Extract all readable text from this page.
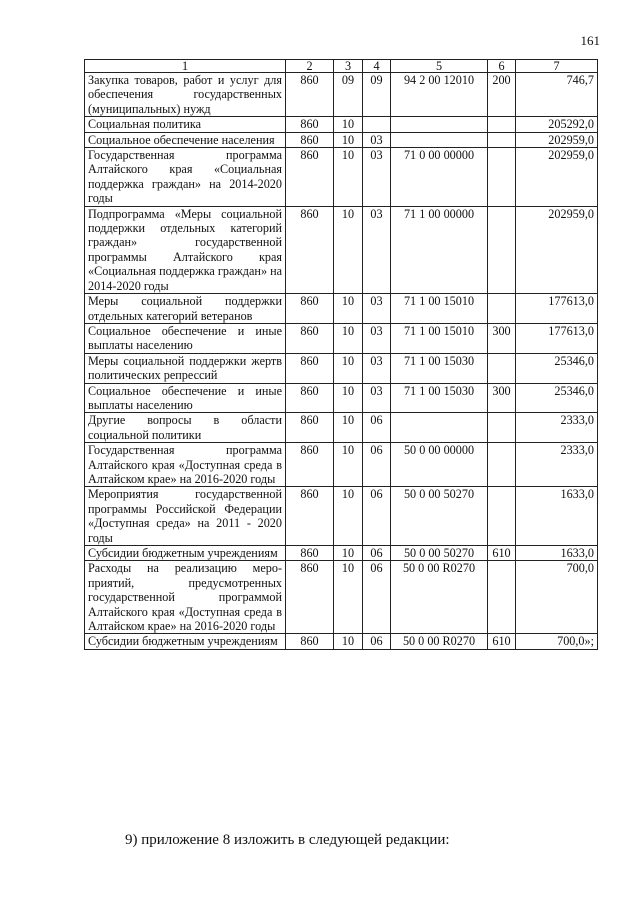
161
1	2	3	4	5	6	7
Закупка товаров, работ и услуг для обеспечения государственных (муниципальных) нужд	860	09	09	94 2 00 12010	200	746,7
Социальная политика	860	10				205292,0
Социальное обеспечение населения	860	10	03			202959,0
Государственная программа Алтайского края «Социальная поддержка граждан» на 2014-2020 годы	860	10	03	71 0 00 00000		202959,0
Подпрограмма «Меры социальной поддержки отдельных категорий граждан» государственной программы Алтайского края «Социальная поддержка граждан» на 2014-2020 годы	860	10	03	71 1 00 00000		202959,0
Меры социальной поддержки отдельных категорий ветеранов	860	10	03	71 1 00 15010		177613,0
Социальное обеспечение и иные выплаты населению	860	10	03	71 1 00 15010	300	177613,0
Меры социальной поддержки жертв политических репрессий	860	10	03	71 1 00 15030		25346,0
Социальное обеспечение и иные выплаты населению	860	10	03	71 1 00 15030	300	25346,0
Другие вопросы в области социальной политики	860	10	06			2333,0
Государственная программа Алтайского края «Доступная среда в Алтайском крае» на 2016-2020 годы	860	10	06	50 0 00 00000		2333,0
Мероприятия государственной программы Российской Федерации «Доступная среда» на 2011 - 2020 годы	860	10	06	50 0 00 50270		1633,0
Субсидии бюджетным учреждениям	860	10	06	50 0 00 50270	610	1633,0
Расходы на реализацию мероприятий, предусмотренных государственной программой Алтайского края «Доступная среда в Алтайском крае» на 2016-2020 годы	860	10	06	50 0 00 R0270		700,0
Субсидии бюджетным учреждениям	860	10	06	50 0 00 R0270	610	700,0»;
9) приложение 8 изложить в следующей редакции:
